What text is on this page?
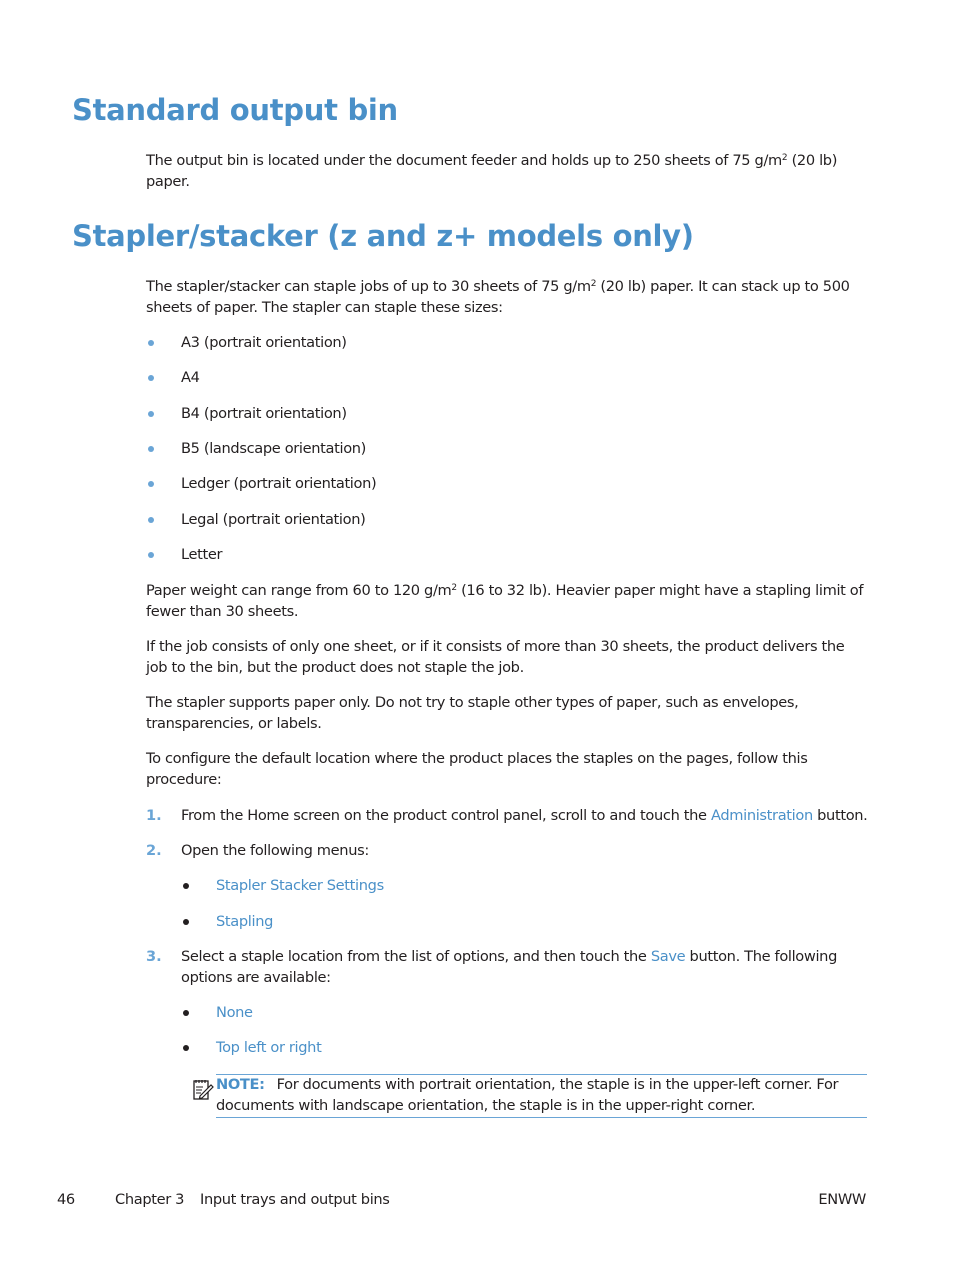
Standard output bin

The output bin is located under the document feeder and holds up to 250 sheets of 75 $g/m^2$ (20 lb) paper.

Stapler/stacker (z and z+ models only)

The stapler/stacker can staple jobs of up to 30 sheets of 75 $g/m^2$ (20 lb) paper. It can stack up to 500 sheets of paper. The stapler can staple these sizes:

A3 (portrait orientation)
A4
B4 (portrait orientation)
B5 (landscape orientation)
Ledger (portrait orientation)
Legal (portrait orientation)
Letter

Paper weight can range from 60 to 120 $g/m^2$ (16 to 32 lb). Heavier paper might have a stapling limit of fewer than 30 sheets.

If the job consists of only one sheet, or if it consists of more than 30 sheets, the product delivers the job to the bin, but the product does not staple the job.

The stapler supports paper only. Do not try to staple other types of paper, such as envelopes, transparencies, or labels.

To configure the default location where the product places the staples on the pages, follow this procedure:

1. From the Home screen on the product control panel, scroll to and touch the Administration button.

2. Open the following menus:

Stapler Stacker Settings
Stapling
3. Select a staple location from the list of options, and then touch the Save button. The following options are available:

None
Top left or right

NOTE: For documents with portrait orientation, the staple is in the upper-left corner. For documents with landscape orientation, the staple is in the upper-right corner.

46	Chapter 3 Input trays and output bins	ENWW
